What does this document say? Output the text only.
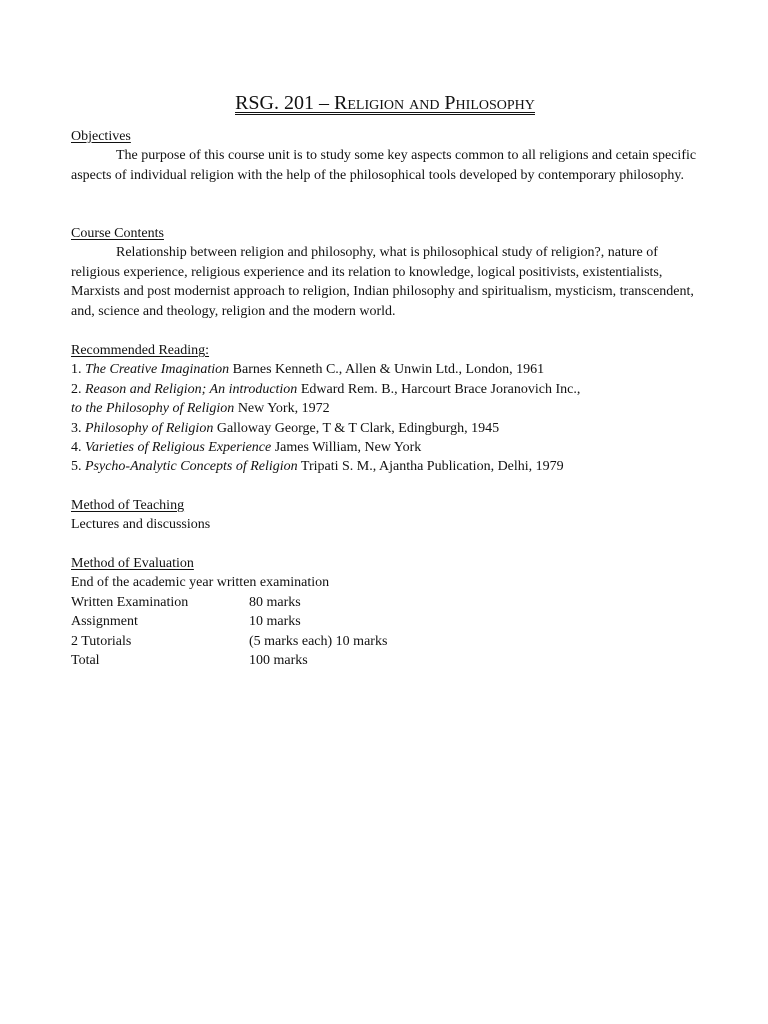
RSG. 201 – Religion and Philosophy

Objectives

The purpose of this course unit is to study some key aspects common to all religions and cetain specific aspects of individual religion with the help of the philosophical tools developed by contemporary philosophy.

Course Contents

Relationship between religion and philosophy, what is philosophical study of religion?, nature of religious experience, religious experience and its relation to knowledge, logical positivists, existentialists, Marxists and post modernist approach to religion, Indian philosophy and spiritualism, mysticism, transcendent, and, science and theology, religion and the modern world.

Recommended Reading:

1. The Creative Imagination Barnes Kenneth C., Allen & Unwin Ltd., London, 1961

2. Reason and Religion; An introduction Edward Rem. B., Harcourt Brace Joranovich Inc.,

to the Philosophy of Religion New York, 1972

3. Philosophy of Religion Galloway George, T & T Clark, Edingburgh, 1945

4. Varieties of Religious Experience James William, New York

5. Psycho-Analytic Concepts of Religion Tripati S. M., Ajantha Publication, Delhi, 1979

Method of Teaching

Lectures and discussions

Method of Evaluation

End of the academic year written examination

Written Examination	80 marks
Assignment	10 marks
2 Tutorials	(5 marks each) 10 marks
Total	100 marks
